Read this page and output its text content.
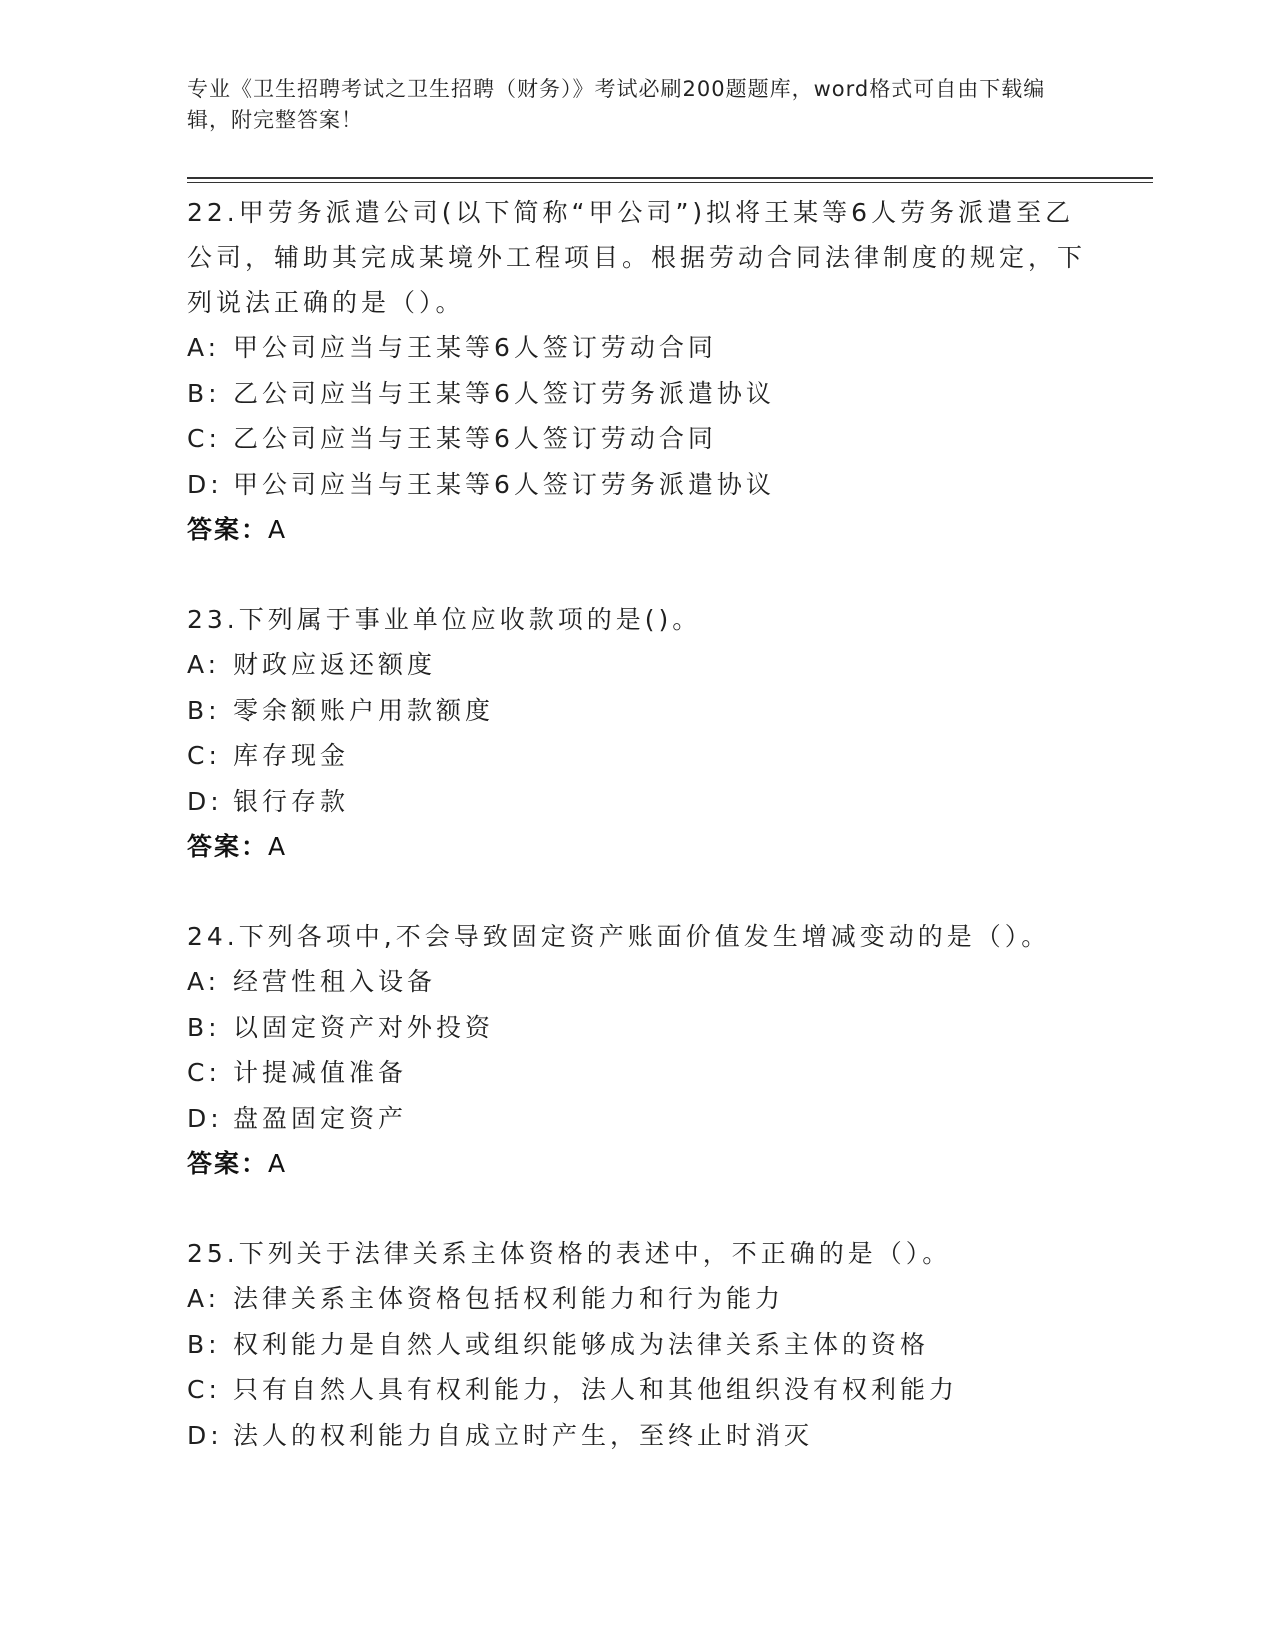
专业《卫生招聘考试之卫生招聘（财务）》考试必刷200题题库，word格式可自由下载编辑，附完整答案！

22.甲劳务派遣公司(以下简称“甲公司”)拟将王某等6人劳务派遣至乙公司，辅助其完成某境外工程项目。根据劳动合同法律制度的规定，下列说法正确的是（）。

A: 甲公司应当与王某等6人签订劳动合同
B: 乙公司应当与王某等6人签订劳务派遣协议
C: 乙公司应当与王某等6人签订劳动合同
D: 甲公司应当与王某等6人签订劳务派遣协议
答案：A

23.下列属于事业单位应收款项的是()。

A: 财政应返还额度
B: 零余额账户用款额度
C: 库存现金
D: 银行存款
答案：A

24.下列各项中,不会导致固定资产账面价值发生增减变动的是（）。

A: 经营性租入设备
B: 以固定资产对外投资
C: 计提减值准备
D: 盘盈固定资产
答案：A

25.下列关于法律关系主体资格的表述中，不正确的是（）。

A: 法律关系主体资格包括权利能力和行为能力
B: 权利能力是自然人或组织能够成为法律关系主体的资格
C: 只有自然人具有权利能力，法人和其他组织没有权利能力
D: 法人的权利能力自成立时产生，至终止时消灭
